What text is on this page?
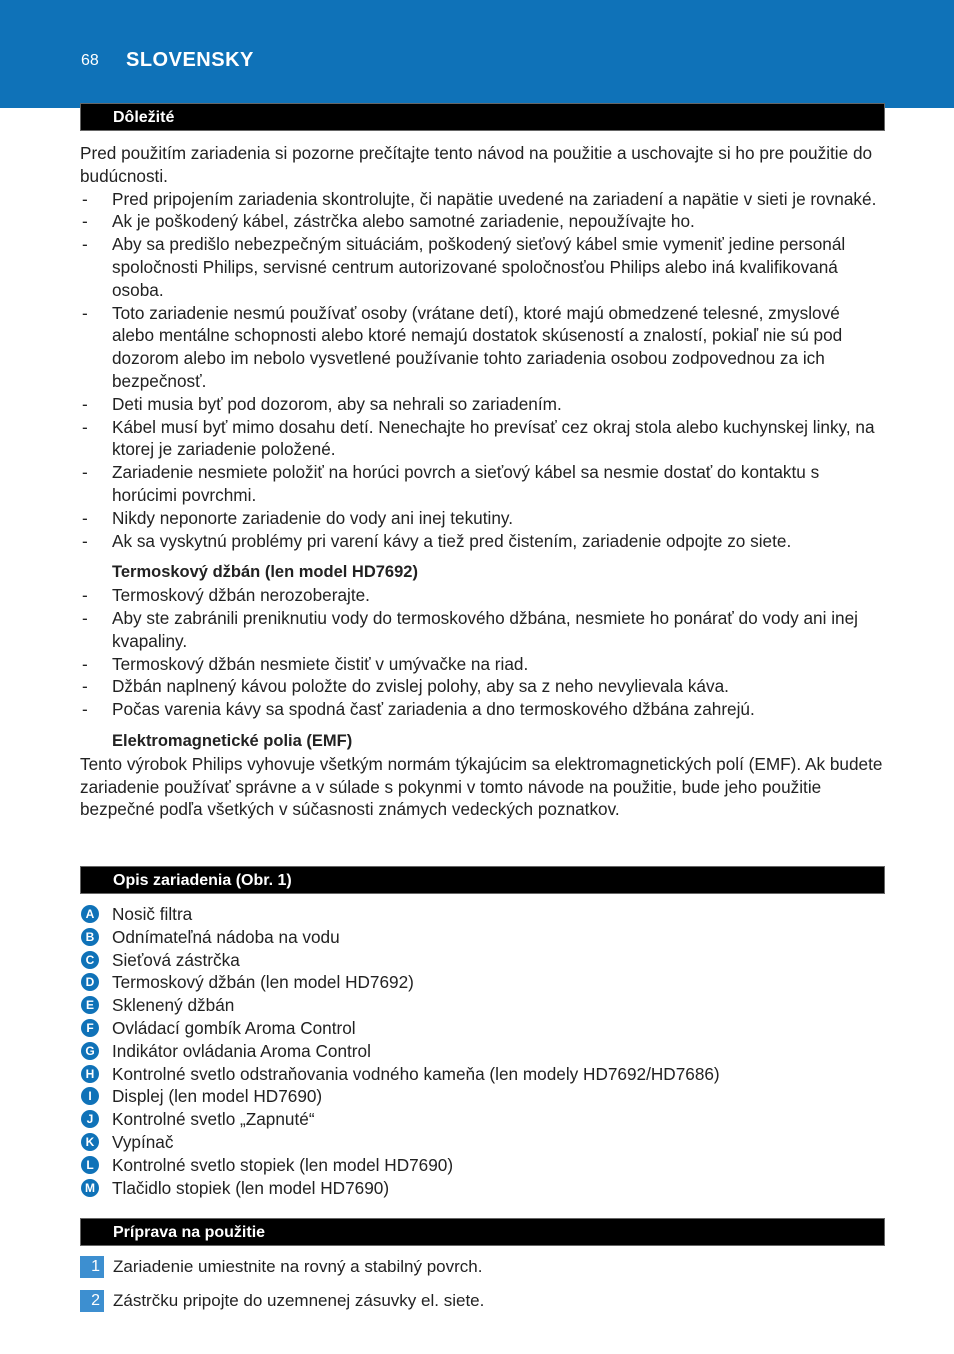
68 SLOVENSKY
Dôležité

Pred použitím zariadenia si pozorne prečítajte tento návod na použitie a uschovajte si ho pre použitie do budúcnosti.

- Pred pripojením zariadenia skontrolujte, či napätie uvedené na zariadení a napätie v sieti je rovnaké.
- Ak je poškodený kábel, zástrčka alebo samotné zariadenie, nepoužívajte ho.
- Aby sa predišlo nebezpečným situáciám, poškodený sieťový kábel smie vymeniť jedine personál spoločnosti Philips, servisné centrum autorizované spoločnosťou Philips alebo iná kvalifikovaná osoba.
- Toto zariadenie nesmú používať osoby (vrátane detí), ktoré majú obmedzené telesné, zmyslové alebo mentálne schopnosti alebo ktoré nemajú dostatok skúseností a znalostí, pokiaľ nie sú pod dozorom alebo im nebolo vysvetlené používanie tohto zariadenia osobou zodpovednou za ich bezpečnosť.
- Deti musia byť pod dozorom, aby sa nehrali so zariadením.
- Kábel musí byť mimo dosahu detí. Nenechajte ho prevísať cez okraj stola alebo kuchynskej linky, na ktorej je zariadenie položené.
- Zariadenie nesmiete položiť na horúci povrch a sieťový kábel sa nesmie dostať do kontaktu s horúcimi povrchmi.
- Nikdy neponorte zariadenie do vody ani inej tekutiny.
- Ak sa vyskytnú problémy pri varení kávy a tiež pred čistením, zariadenie odpojte zo siete.
Termoskový džbán (len model HD7692)
- Termoskový džbán nerozoberajte.
- Aby ste zabránili preniknutiu vody do termoskového džbána, nesmiete ho ponárať do vody ani inej kvapaliny.
- Termoskový džbán nesmiete čistiť v umývačke na riad.
- Džbán naplnený kávou položte do zvislej polohy, aby sa z neho nevylievala káva.
- Počas varenia kávy sa spodná časť zariadenia a dno termoskového džbána zahrejú.
Elektromagnetické polia (EMF)

Tento výrobok Philips vyhovuje všetkým normám týkajúcim sa elektromagnetických polí (EMF). Ak budete zariadenie používať správne a v súlade s pokynmi v tomto návode na použitie, bude jeho použitie bezpečné podľa všetkých v súčasnosti známych vedeckých poznatkov.

Opis zariadenia (Obr. 1)
A Nosič filtra
B Odnímateľná nádoba na vodu
C Sieťová zástrčka
D Termoskový džbán (len model HD7692)
E Sklenený džbán
F	Ovládací gombík Aroma Control
G Indikátor ovládania Aroma Control
H Kontrolné svetlo odstraňovania vodného kameňa (len modely HD7692/HD7686)
I	Displej (len model HD7690)
J	Kontrolné svetlo „Zapnuté“
K Vypínač
L	Kontrolné svetlo stopiek (len model HD7690)
M Tlačidlo stopiek (len model HD7690)
Príprava na použitie
1 Zariadenie umiestnite na rovný a stabilný povrch.
2 Zástrčku pripojte do uzemnenej zásuvky el. siete.
